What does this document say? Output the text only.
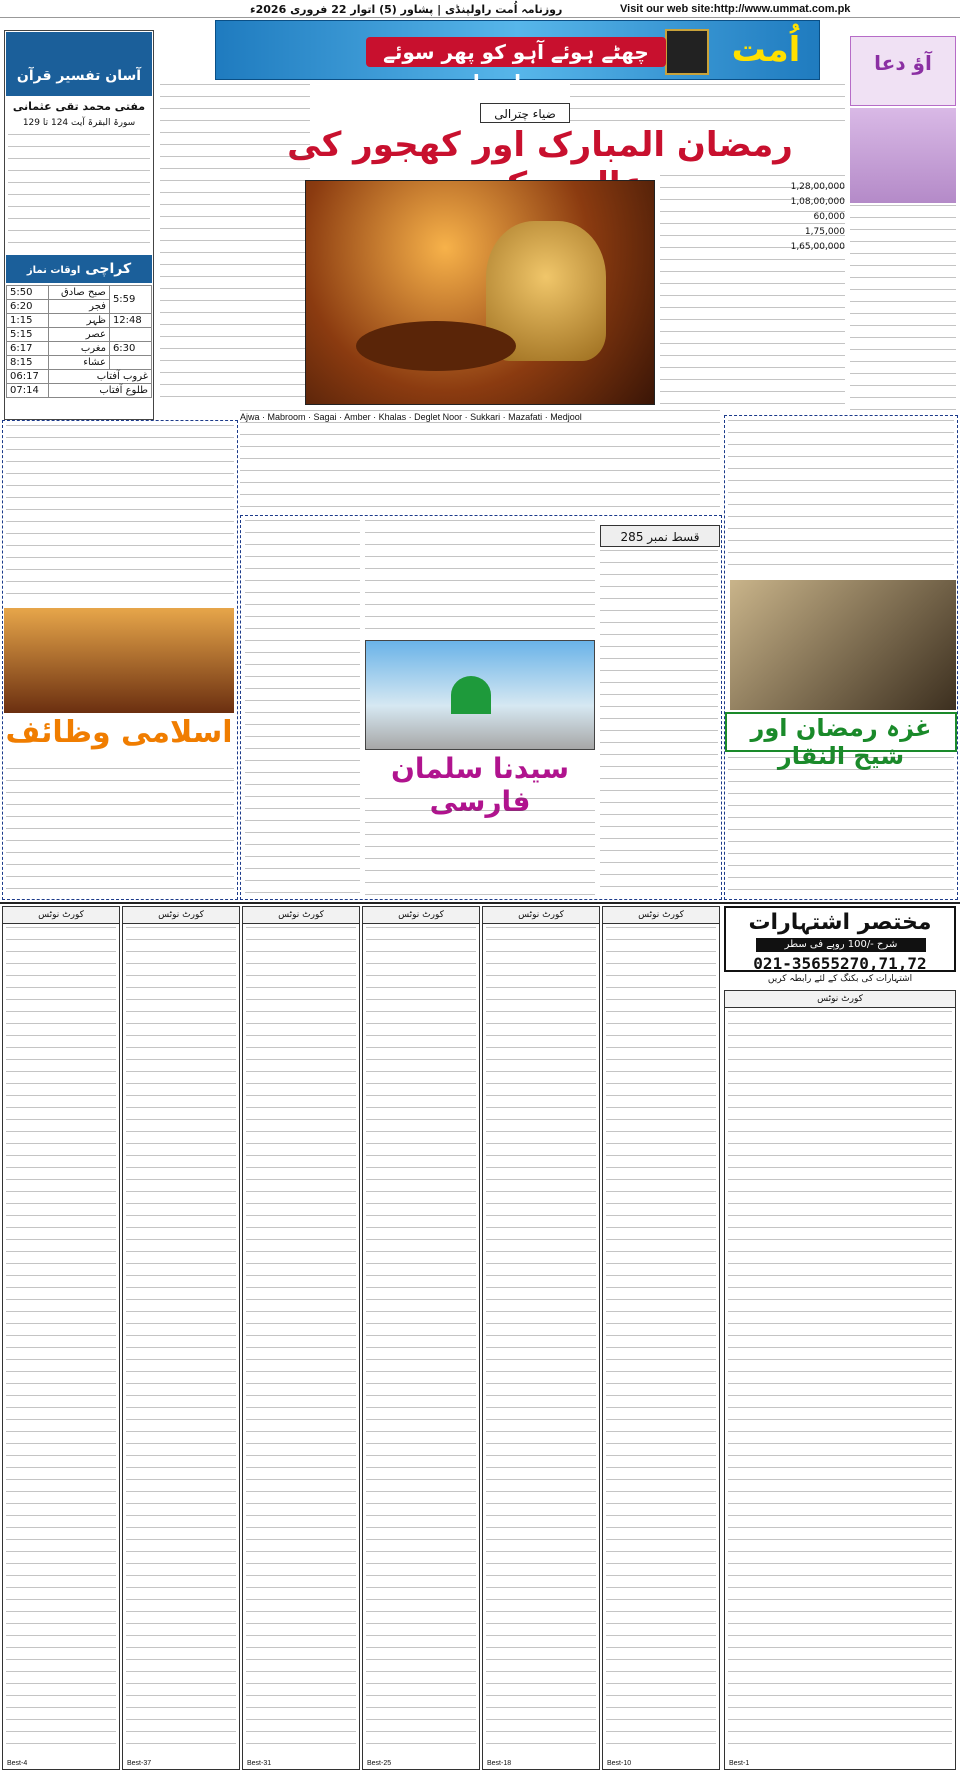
روزنامہ اُمت راولپنڈی | پشاور (5) اتوار 22 فروری 2026ء	Visit our web site:http://www.ummat.com.pk
چھٹے ہوئے آہو کو پھر سوئے حرم لے چل
اُمت	آؤ دعا
آسان تفسیر قرآن
مفتی محمد تقی عثمانی
سورۃ البقرۃ آیت 124 تا 129
کراچی اوقات نماز
5:50	صبح صادق	5:59
6:20	فجر	
1:15	ظہر	12:48
5:15	عصر	
6:17	مغرب	6:30
8:15	عشاء	
06:17	غروب آفتاب	
07:14	طلوع آفتاب	
ضیاء چترالی
رمضان المبارک اور کھجور کی
1,28,00,000
1,08,00,000
60,000
1,75,000
1,65,00,000
Ajwa · Mabroom · Sagai · Amber · Khalas · Deglet Noor · Sukkari · Mazafati · Medjool
اسلامی وظائف
قسط نمبر 285
سیدنا سلمان فارسی
غزہ رمضان اور شیخ النقار
مختصر اشتہارات
شرح -/100 روپے فی سطر
021-35655270,71,72
اشتہارات کی بکنگ کے لئے رابطہ کریں
کورٹ نوٹس
Best-1
کورٹ نوٹس
Best-4
کورٹ نوٹس
Best-37
کورٹ نوٹس
Best-31
کورٹ نوٹس
Best-25
کورٹ نوٹس
Best-18
کورٹ نوٹس
Best-10
